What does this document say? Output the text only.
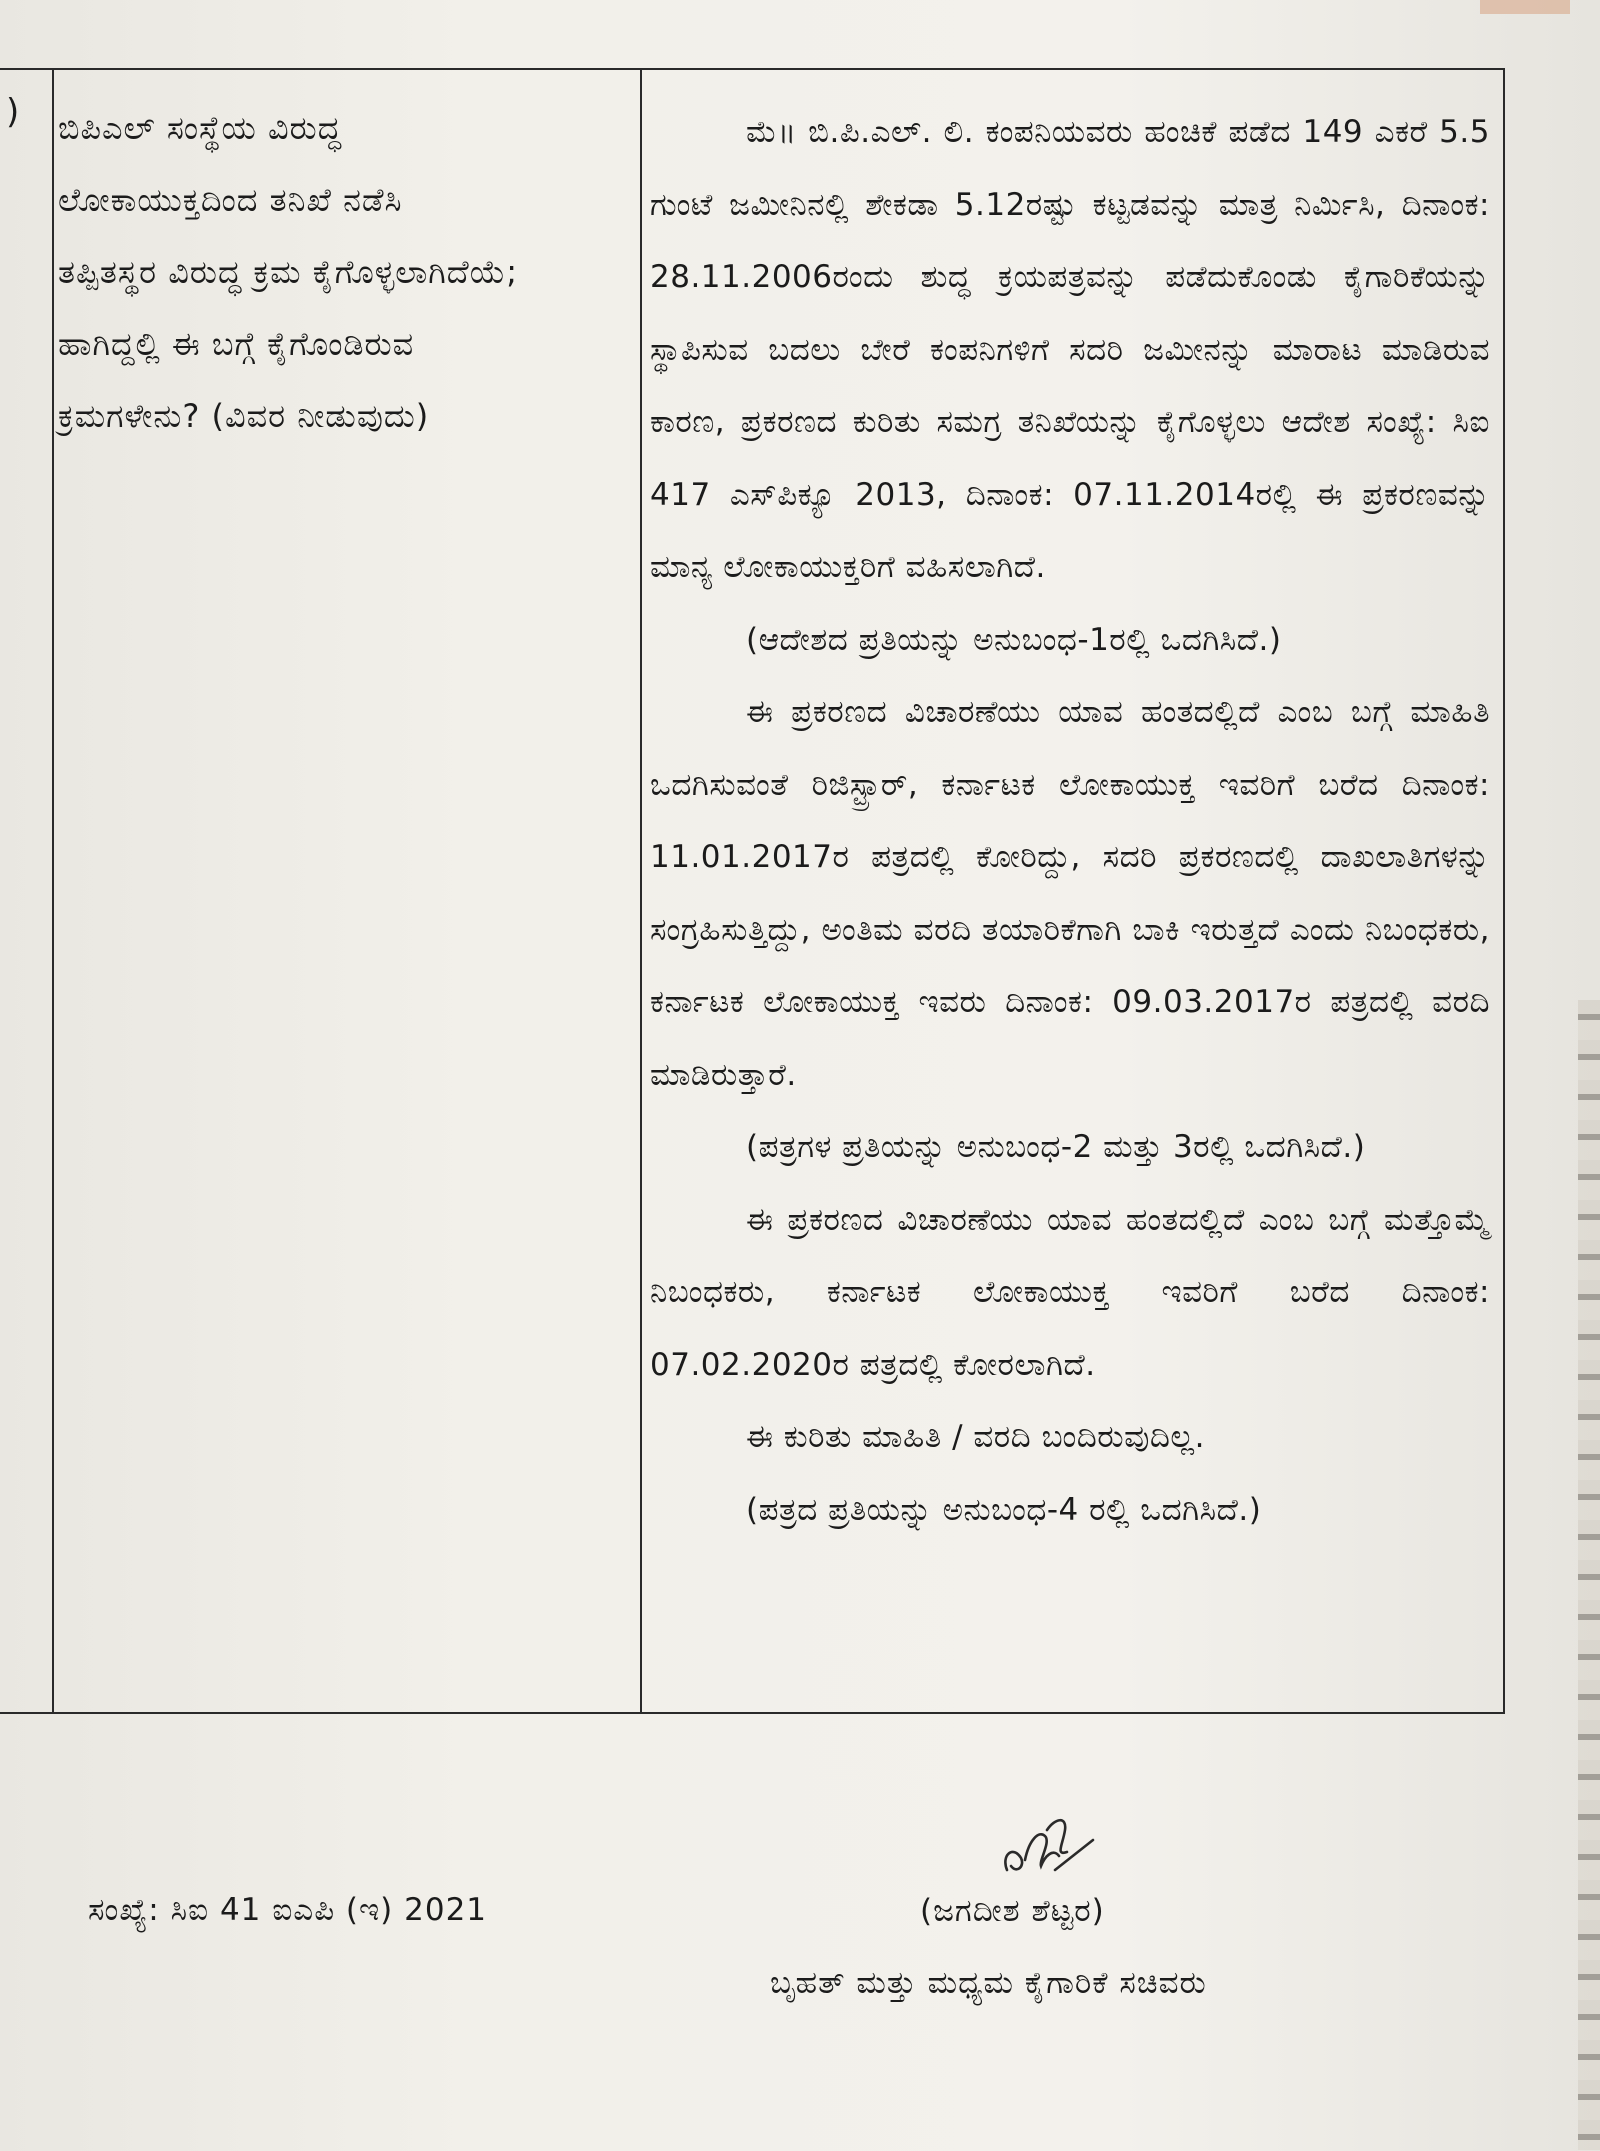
) ಬಿಪಿಎಲ್ ಸಂಸ್ಥೆಯ ವಿರುದ್ಧ

ಲೋಕಾಯುಕ್ತದಿಂದ ತನಿಖೆ ನಡೆಸಿ

ತಪ್ಪಿತಸ್ಥರ ವಿರುದ್ಧ ಕ್ರಮ ಕೈಗೊಳ್ಳಲಾಗಿದೆಯೆ;

ಹಾಗಿದ್ದಲ್ಲಿ ಈ ಬಗ್ಗೆ ಕೈಗೊಂಡಿರುವ

ಕ್ರಮಗಳೇನು? (ವಿವರ ನೀಡುವುದು)

ಮೆ॥ ಬಿ.ಪಿ.ಎಲ್. ಲಿ. ಕಂಪನಿಯವರು ಹಂಚಿಕೆ ಪಡೆದ 149 ಎಕರೆ 5.5 ಗುಂಟೆ ಜಮೀನಿನಲ್ಲಿ ಶೇಕಡಾ 5.12ರಷ್ಟು ಕಟ್ಟಡವನ್ನು ಮಾತ್ರ ನಿರ್ಮಿಸಿ, ದಿನಾಂಕ: 28.11.2006ರಂದು ಶುದ್ಧ ಕ್ರಯಪತ್ರವನ್ನು ಪಡೆದುಕೊಂಡು ಕೈಗಾರಿಕೆಯನ್ನು ಸ್ಥಾಪಿಸುವ ಬದಲು ಬೇರೆ ಕಂಪನಿಗಳಿಗೆ ಸದರಿ ಜಮೀನನ್ನು ಮಾರಾಟ ಮಾಡಿರುವ ಕಾರಣ, ಪ್ರಕರಣದ ಕುರಿತು ಸಮಗ್ರ ತನಿಖೆಯನ್ನು ಕೈಗೊಳ್ಳಲು ಆದೇಶ ಸಂಖ್ಯೆ: ಸಿಐ 417 ಎಸ್‌ಪಿಕ್ಯೂ 2013, ದಿನಾಂಕ: 07.11.2014ರಲ್ಲಿ ಈ ಪ್ರಕರಣವನ್ನು ಮಾನ್ಯ ಲೋಕಾಯುಕ್ತರಿಗೆ ವಹಿಸಲಾಗಿದೆ.

(ಆದೇಶದ ಪ್ರತಿಯನ್ನು ಅನುಬಂಧ-1ರಲ್ಲಿ ಒದಗಿಸಿದೆ.)

ಈ ಪ್ರಕರಣದ ವಿಚಾರಣೆಯು ಯಾವ ಹಂತದಲ್ಲಿದೆ ಎಂಬ ಬಗ್ಗೆ ಮಾಹಿತಿ ಒದಗಿಸುವಂತೆ ರಿಜಿಸ್ಟ್ರಾರ್, ಕರ್ನಾಟಕ ಲೋಕಾಯುಕ್ತ ಇವರಿಗೆ ಬರೆದ ದಿನಾಂಕ: 11.01.2017ರ ಪತ್ರದಲ್ಲಿ ಕೋರಿದ್ದು, ಸದರಿ ಪ್ರಕರಣದಲ್ಲಿ ದಾಖಲಾತಿಗಳನ್ನು ಸಂಗ್ರಹಿಸುತ್ತಿದ್ದು, ಅಂತಿಮ ವರದಿ ತಯಾರಿಕೆಗಾಗಿ ಬಾಕಿ ಇರುತ್ತದೆ ಎಂದು ನಿಬಂಧಕರು, ಕರ್ನಾಟಕ ಲೋಕಾಯುಕ್ತ ಇವರು ದಿನಾಂಕ: 09.03.2017ರ ಪತ್ರದಲ್ಲಿ ವರದಿ ಮಾಡಿರುತ್ತಾರೆ.

(ಪತ್ರಗಳ ಪ್ರತಿಯನ್ನು ಅನುಬಂಧ-2 ಮತ್ತು 3ರಲ್ಲಿ ಒದಗಿಸಿದೆ.)

ಈ ಪ್ರಕರಣದ ವಿಚಾರಣೆಯು ಯಾವ ಹಂತದಲ್ಲಿದೆ ಎಂಬ ಬಗ್ಗೆ ಮತ್ತೊಮ್ಮೆ ನಿಬಂಧಕರು, ಕರ್ನಾಟಕ ಲೋಕಾಯುಕ್ತ ಇವರಿಗೆ ಬರೆದ ದಿನಾಂಕ: 07.02.2020ರ ಪತ್ರದಲ್ಲಿ ಕೋರಲಾಗಿದೆ.

ಈ ಕುರಿತು ಮಾಹಿತಿ / ವರದಿ ಬಂದಿರುವುದಿಲ್ಲ.

(ಪತ್ರದ ಪ್ರತಿಯನ್ನು ಅನುಬಂಧ-4 ರಲ್ಲಿ ಒದಗಿಸಿದೆ.)

ಸಂಖ್ಯೆ: ಸಿಐ 41 ಐಎಪಿ (ಇ) 2021	(ಜಗದೀಶ ಶೆಟ್ಟರ)
ಬೃಹತ್ ಮತ್ತು ಮಧ್ಯಮ ಕೈಗಾರಿಕೆ ಸಚಿವರು
